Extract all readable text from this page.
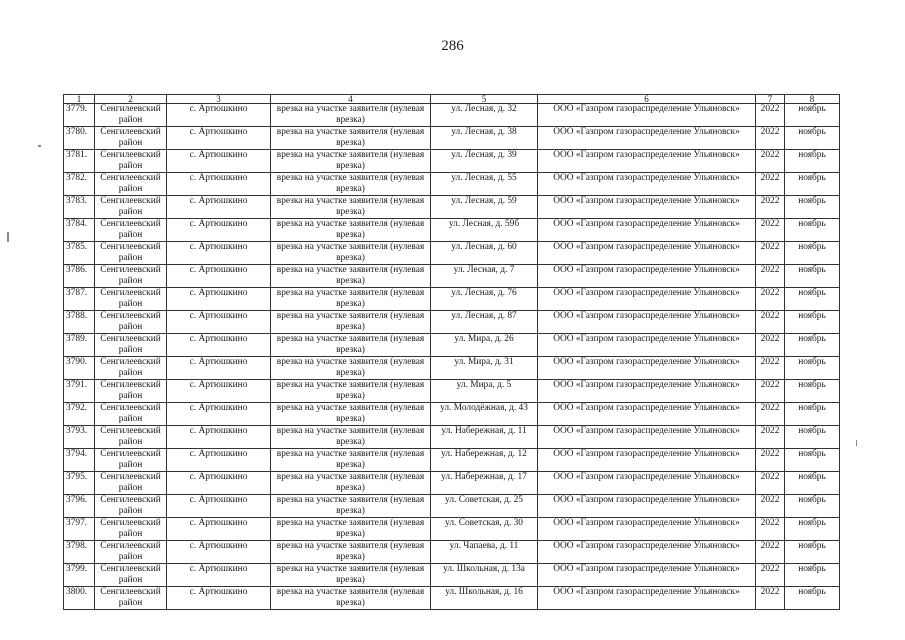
286
1	2	3	4	5	6	7	8
3779.	Сенгилеевский район	с. Артюшкино	врезка на участке заявителя (нулевая врезка)	ул. Лесная, д. 32	ООО «Газпром газораспределение Ульяновск»	2022	ноябрь
3780.	Сенгилеевский район	с. Артюшкино	врезка на участке заявителя (нулевая врезка)	ул. Лесная, д. 38	ООО «Газпром газораспределение Ульяновск»	2022	ноябрь
3781.	Сенгилеевский район	с. Артюшкино	врезка на участке заявителя (нулевая врезка)	ул. Лесная, д. 39	ООО «Газпром газораспределение Ульяновск»	2022	ноябрь
3782.	Сенгилеевский район	с. Артюшкино	врезка на участке заявителя (нулевая врезка)	ул. Лесная, д. 55	ООО «Газпром газораспределение Ульяновск»	2022	ноябрь
3783.	Сенгилеевский район	с. Артюшкино	врезка на участке заявителя (нулевая врезка)	ул. Лесная, д. 59	ООО «Газпром газораспределение Ульяновск»	2022	ноябрь
3784.	Сенгилеевский район	с. Артюшкино	врезка на участке заявителя (нулевая врезка)	ул. Лесная, д. 59б	ООО «Газпром газораспределение Ульяновск»	2022	ноябрь
3785.	Сенгилеевский район	с. Артюшкино	врезка на участке заявителя (нулевая врезка)	ул. Лесная, д. 60	ООО «Газпром газораспределение Ульяновск»	2022	ноябрь
3786.	Сенгилеевский район	с. Артюшкино	врезка на участке заявителя (нулевая врезка)	ул. Лесная, д. 7	ООО «Газпром газораспределение Ульяновск»	2022	ноябрь
3787.	Сенгилеевский район	с. Артюшкино	врезка на участке заявителя (нулевая врезка)	ул. Лесная, д. 76	ООО «Газпром газораспределение Ульяновск»	2022	ноябрь
3788.	Сенгилеевский район	с. Артюшкино	врезка на участке заявителя (нулевая врезка)	ул. Лесная, д. 87	ООО «Газпром газораспределение Ульяновск»	2022	ноябрь
3789.	Сенгилеевский район	с. Артюшкино	врезка на участке заявителя (нулевая врезка)	ул. Мира, д. 26	ООО «Газпром газораспределение Ульяновск»	2022	ноябрь
3790.	Сенгилеевский район	с. Артюшкино	врезка на участке заявителя (нулевая врезка)	ул. Мира, д. 31	ООО «Газпром газораспределение Ульяновск»	2022	ноябрь
3791.	Сенгилеевский район	с. Артюшкино	врезка на участке заявителя (нулевая врезка)	ул. Мира, д. 5	ООО «Газпром газораспределение Ульяновск»	2022	ноябрь
3792.	Сенгилеевский район	с. Артюшкино	врезка на участке заявителя (нулевая врезка)	ул. Молодёжная, д. 43	ООО «Газпром газораспределение Ульяновск»	2022	ноябрь
3793.	Сенгилеевский район	с. Артюшкино	врезка на участке заявителя (нулевая врезка)	ул. Набережная, д. 11	ООО «Газпром газораспределение Ульяновск»	2022	ноябрь
3794.	Сенгилеевский район	с. Артюшкино	врезка на участке заявителя (нулевая врезка)	ул. Набережная, д. 12	ООО «Газпром газораспределение Ульяновск»	2022	ноябрь
3795.	Сенгилеевский район	с. Артюшкино	врезка на участке заявителя (нулевая врезка)	ул. Набережная, д. 17	ООО «Газпром газораспределение Ульяновск»	2022	ноябрь
3796.	Сенгилеевский район	с. Артюшкино	врезка на участке заявителя (нулевая врезка)	ул. Советская, д. 25	ООО «Газпром газораспределение Ульяновск»	2022	ноябрь
3797.	Сенгилеевский район	с. Артюшкино	врезка на участке заявителя (нулевая врезка)	ул. Советская, д. 30	ООО «Газпром газораспределение Ульяновск»	2022	ноябрь
3798.	Сенгилеевский район	с. Артюшкино	врезка на участке заявителя (нулевая врезка)	ул. Чапаева, д. 11	ООО «Газпром газораспределение Ульяновск»	2022	ноябрь
3799.	Сенгилеевский район	с. Артюшкино	врезка на участке заявителя (нулевая врезка)	ул. Школьная, д. 13а	ООО «Газпром газораспределение Ульяновск»	2022	ноябрь
3800.	Сенгилеевский район	с. Артюшкино	врезка на участке заявителя (нулевая врезка)	ул. Школьная, д. 16	ООО «Газпром газораспределение Ульяновск»	2022	ноябрь
